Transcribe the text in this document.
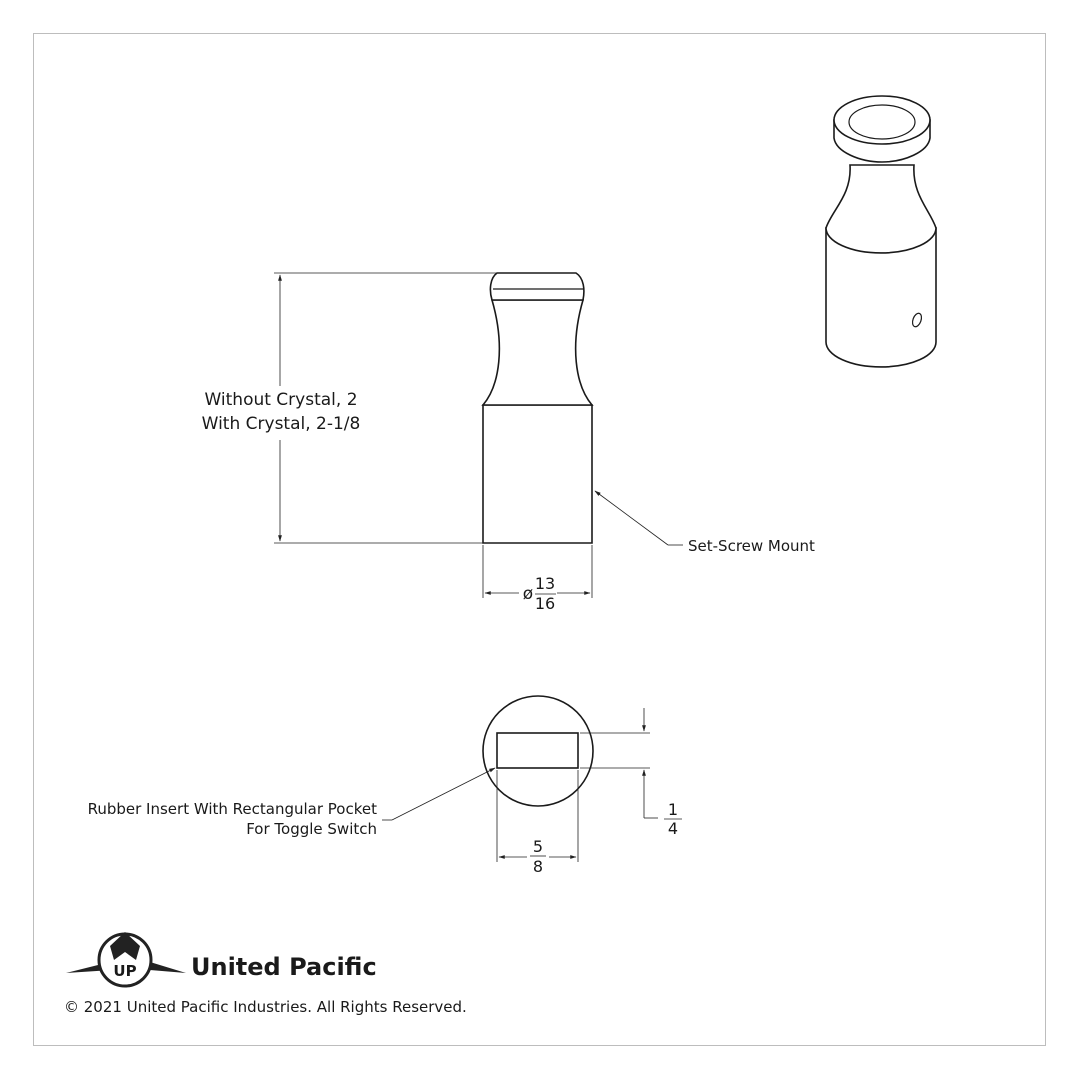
Without Crystal, 2
With Crystal, 2-1/8
ø
13
16
Set-Screw Mount
1
4
5
8
Rubber Insert With Rectangular Pocket
For Toggle Switch
UP United Pacific
© 2021 United Pacific Industries. All Rights Reserved.
